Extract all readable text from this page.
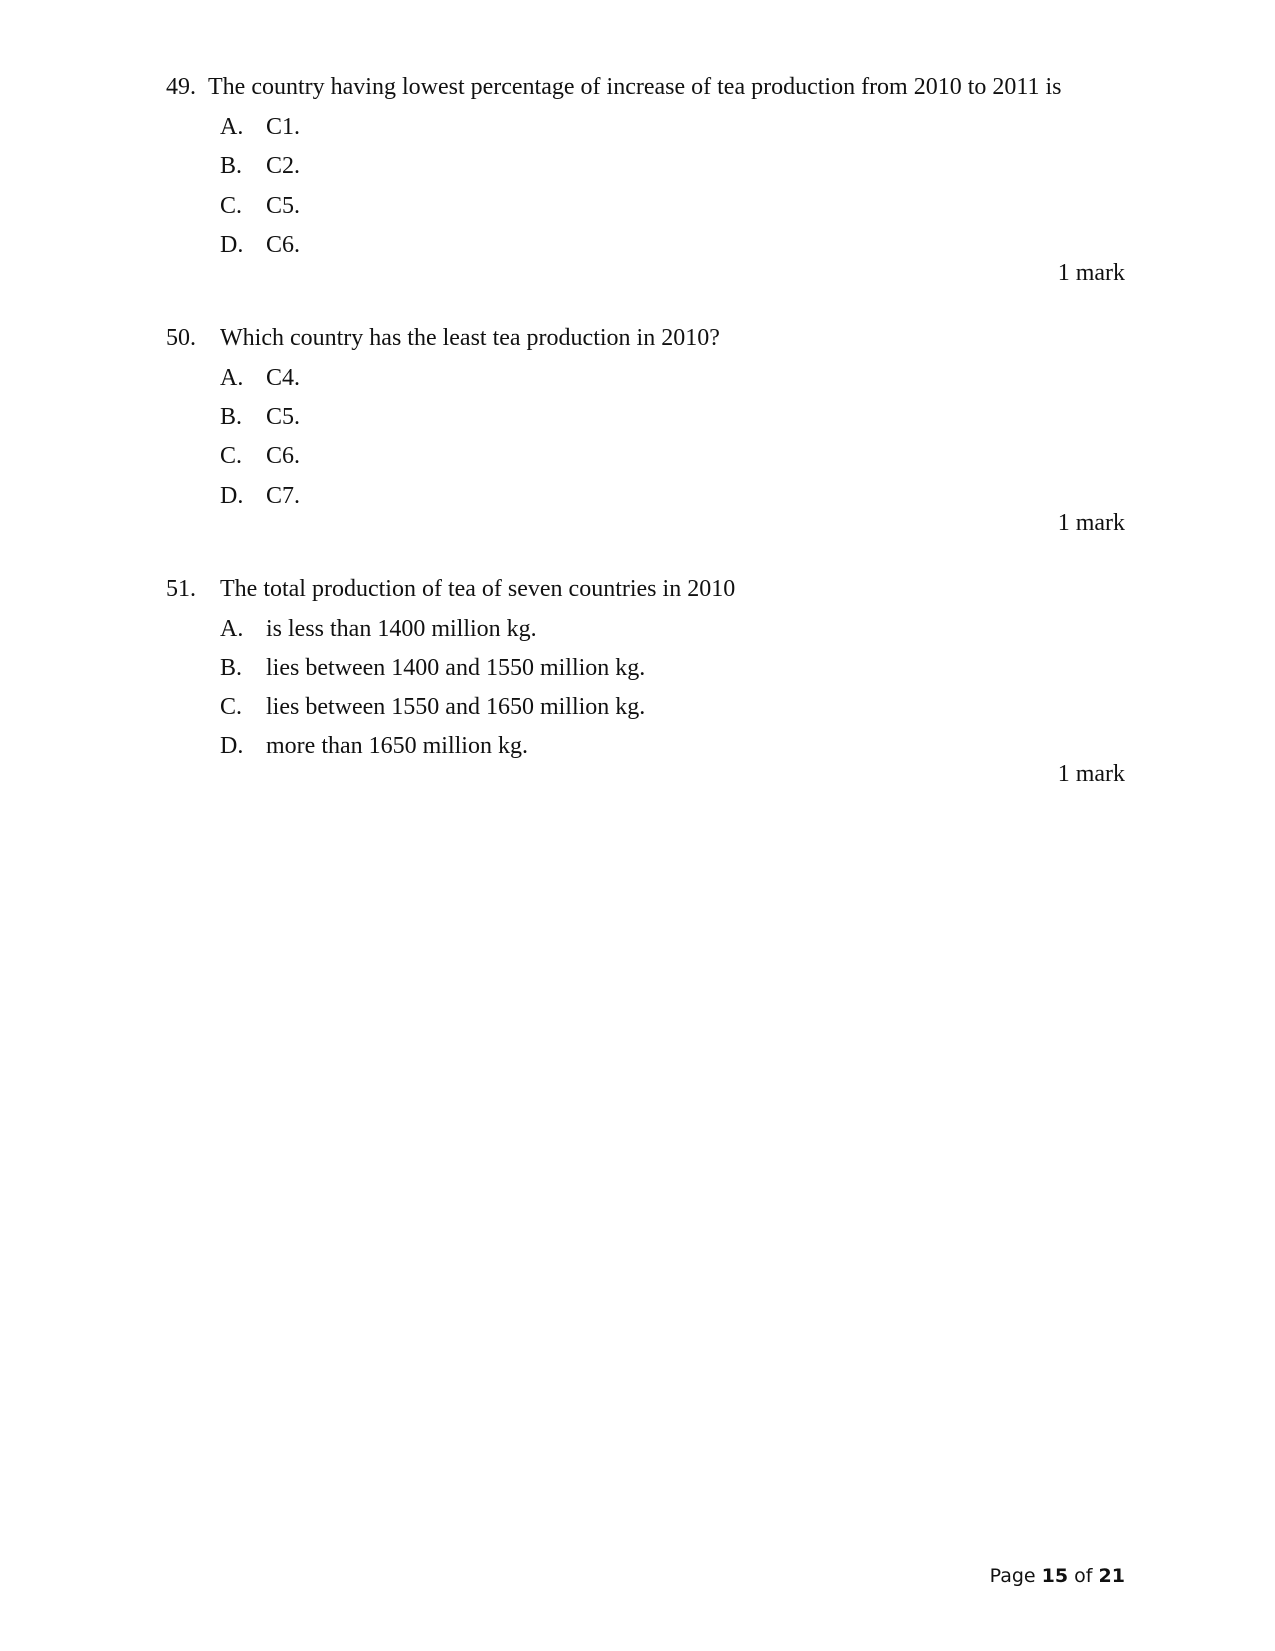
49. The country having lowest percentage of increase of tea production from 2010 to 2011 is
A. C1.
B. C2.
C. C5.
D. C6.
1 mark
50. Which country has the least tea production in 2010?
A. C4.
B. C5.
C. C6.
D. C7.
1 mark
51. The total production of tea of seven countries in 2010
A. is less than 1400 million kg.
B. lies between 1400 and 1550 million kg.
C. lies between 1550 and 1650 million kg.
D. more than 1650 million kg.
1 mark
Page 15 of 21
